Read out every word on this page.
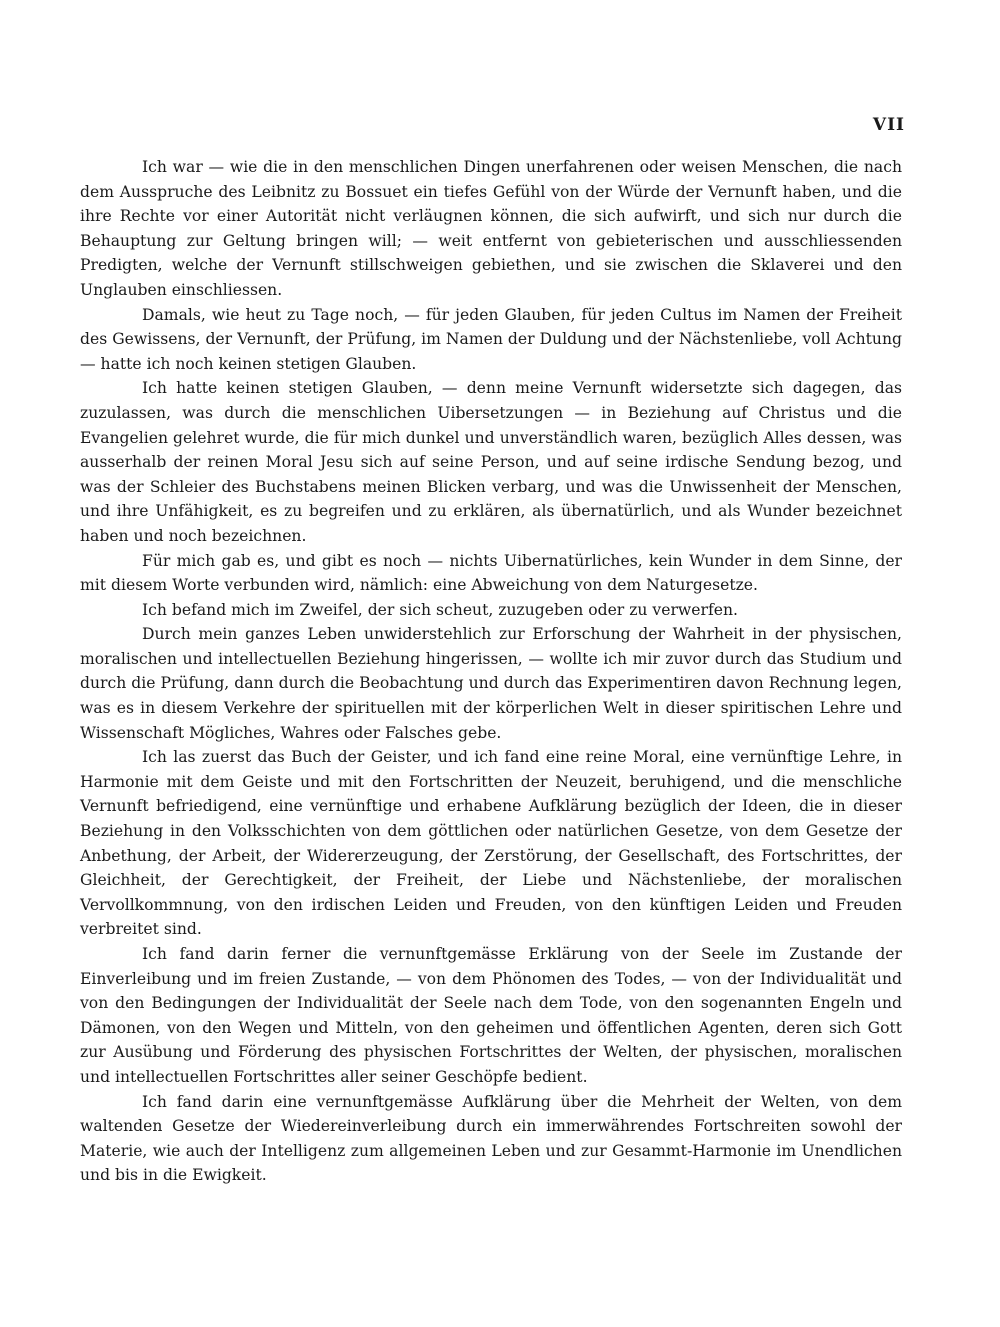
VII

Ich war — wie die in den menschlichen Dingen unerfahrenen oder weisen Menschen, die nach dem Ausspruche des Leibnitz zu Bossuet ein tiefes Gefühl von der Würde der Vernunft haben, und die ihre Rechte vor einer Autorität nicht verläugnen können, die sich aufwirft, und sich nur durch die Behauptung zur Geltung bringen will; — weit entfernt von gebieterischen und ausschliessenden Predigten, welche der Vernunft stillschweigen gebiethen, und sie zwischen die Sklaverei und den Unglauben einschliessen.

Damals, wie heut zu Tage noch, — für jeden Glauben, für jeden Cultus im Namen der Freiheit des Gewissens, der Vernunft, der Prüfung, im Namen der Duldung und der Nächstenliebe, voll Achtung — hatte ich noch keinen stetigen Glauben.

Ich hatte keinen stetigen Glauben, — denn meine Vernunft widersetzte sich dagegen, das zuzulassen, was durch die menschlichen Uibersetzungen — in Beziehung auf Christus und die Evangelien gelehret wurde, die für mich dunkel und unverständlich waren, bezüglich Alles dessen, was ausserhalb der reinen Moral Jesu sich auf seine Person, und auf seine irdische Sendung bezog, und was der Schleier des Buchstabens meinen Blicken verbarg, und was die Unwissenheit der Menschen, und ihre Unfähigkeit, es zu begreifen und zu erklären, als übernatürlich, und als Wunder bezeichnet haben und noch bezeichnen.

Für mich gab es, und gibt es noch — nichts Uibernatürliches, kein Wunder in dem Sinne, der mit diesem Worte verbunden wird, nämlich: eine Abweichung von dem Naturgesetze.

Ich befand mich im Zweifel, der sich scheut, zuzugeben oder zu verwerfen.

Durch mein ganzes Leben unwiderstehlich zur Erforschung der Wahrheit in der physischen, moralischen und intellectuellen Beziehung hingerissen, — wollte ich mir zuvor durch das Studium und durch die Prüfung, dann durch die Beobachtung und durch das Experimentiren davon Rechnung legen, was es in diesem Verkehre der spirituellen mit der körperlichen Welt in dieser spiritischen Lehre und Wissenschaft Mögliches, Wahres oder Falsches gebe.

Ich las zuerst das Buch der Geister, und ich fand eine reine Moral, eine vernünftige Lehre, in Harmonie mit dem Geiste und mit den Fortschritten der Neuzeit, beruhigend, und die menschliche Vernunft befriedigend, eine vernünftige und erhabene Aufklärung bezüglich der Ideen, die in dieser Beziehung in den Volksschichten von dem göttlichen oder natürlichen Gesetze, von dem Gesetze der Anbethung, der Arbeit, der Widererzeugung, der Zerstörung, der Gesellschaft, des Fortschrittes, der Gleichheit, der Gerechtigkeit, der Freiheit, der Liebe und Nächstenliebe, der moralischen Vervollkommnung, von den irdischen Leiden und Freuden, von den künftigen Leiden und Freuden verbreitet sind.

Ich fand darin ferner die vernunftgemässe Erklärung von der Seele im Zustande der Einverleibung und im freien Zustande, — von dem Phönomen des Todes, — von der Individualität und von den Bedingungen der Individualität der Seele nach dem Tode, von den sogenannten Engeln und Dämonen, von den Wegen und Mitteln, von den geheimen und öffentlichen Agenten, deren sich Gott zur Ausübung und Förderung des physischen Fortschrittes der Welten, der physischen, moralischen und intellectuellen Fortschrittes aller seiner Geschöpfe bedient.

Ich fand darin eine vernunftgemässe Aufklärung über die Mehrheit der Welten, von dem waltenden Gesetze der Wiedereinverleibung durch ein immerwährendes Fortschreiten sowohl der Materie, wie auch der Intelligenz zum allgemeinen Leben und zur Gesammt-Harmonie im Unendlichen und bis in die Ewigkeit.
